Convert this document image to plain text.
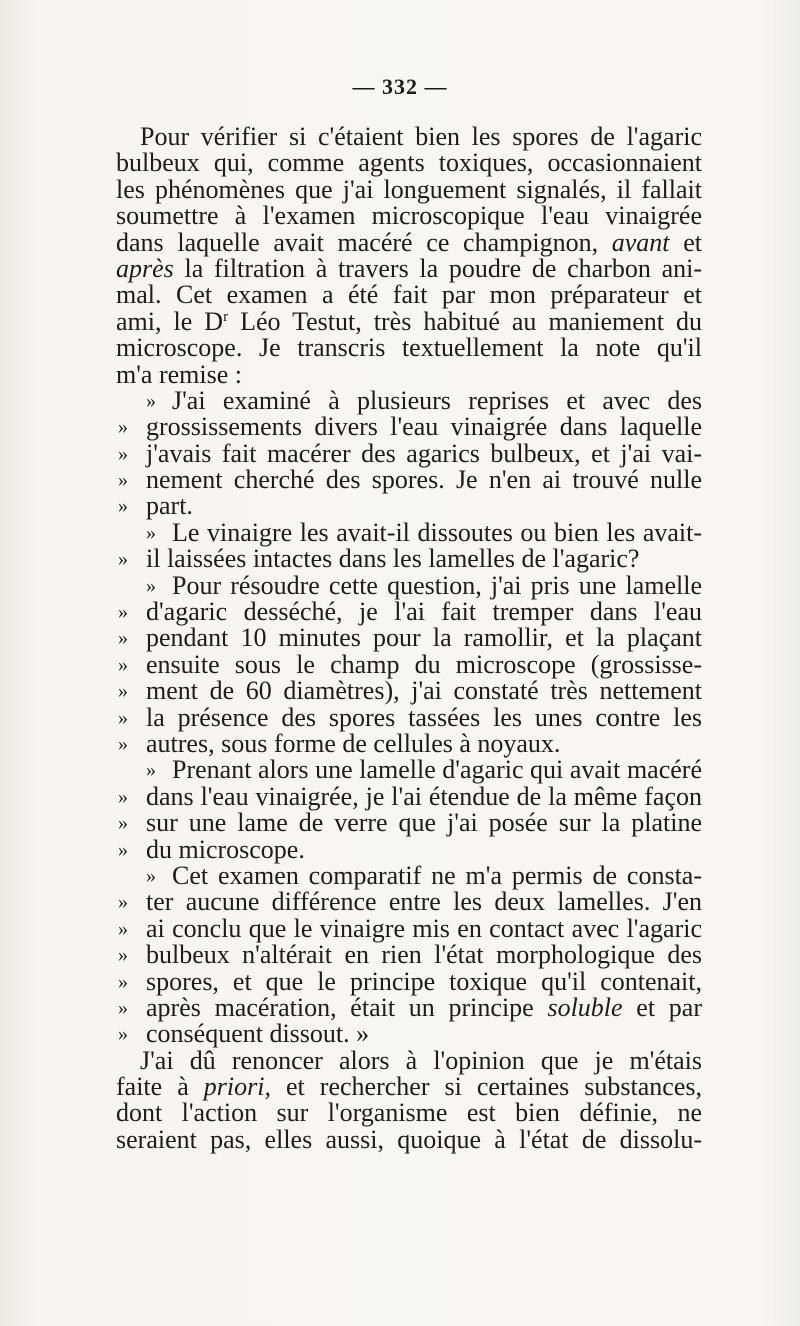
— 332 —
Pour vérifier si c'étaient bien les spores de l'agaric
bulbeux qui, comme agents toxiques, occasionnaient
les phénomènes que j'ai longuement signalés, il fallait
soumettre à l'examen microscopique l'eau vinaigrée
dans laquelle avait macéré ce champignon, avant et
après la filtration à travers la poudre de charbon ani-
mal. Cet examen a été fait par mon préparateur et
ami, le $D^r$ Léo Testut, très habitué au maniement du
microscope. Je transcris textuellement la note qu'il
m'a remise :
» J'ai examiné à plusieurs reprises et avec des
» grossissements divers l'eau vinaigrée dans laquelle
» j'avais fait macérer des agarics bulbeux, et j'ai vai-
» nement cherché des spores. Je n'en ai trouvé nulle
» part.
» Le vinaigre les avait-il dissoutes ou bien les avait-
» il laissées intactes dans les lamelles de l'agaric?
» Pour résoudre cette question, j'ai pris une lamelle
» d'agaric desséché, je l'ai fait tremper dans l'eau
» pendant 10 minutes pour la ramollir, et la plaçant
» ensuite sous le champ du microscope (grossisse-
» ment de 60 diamètres), j'ai constaté très nettement
» la présence des spores tassées les unes contre les
» autres, sous forme de cellules à noyaux.
» Prenant alors une lamelle d'agaric qui avait macéré
» dans l'eau vinaigrée, je l'ai étendue de la même façon
» sur une lame de verre que j'ai posée sur la platine
» du microscope.
» Cet examen comparatif ne m'a permis de consta-
» ter aucune différence entre les deux lamelles. J'en
» ai conclu que le vinaigre mis en contact avec l'agaric
» bulbeux n'altérait en rien l'état morphologique des
» spores, et que le principe toxique qu'il contenait,
» après macération, était un principe soluble et par
» conséquent dissout. »
J'ai dû renoncer alors à l'opinion que je m'étais
faite à priori, et rechercher si certaines substances,
dont l'action sur l'organisme est bien définie, ne
seraient pas, elles aussi, quoique à l'état de dissolu-
